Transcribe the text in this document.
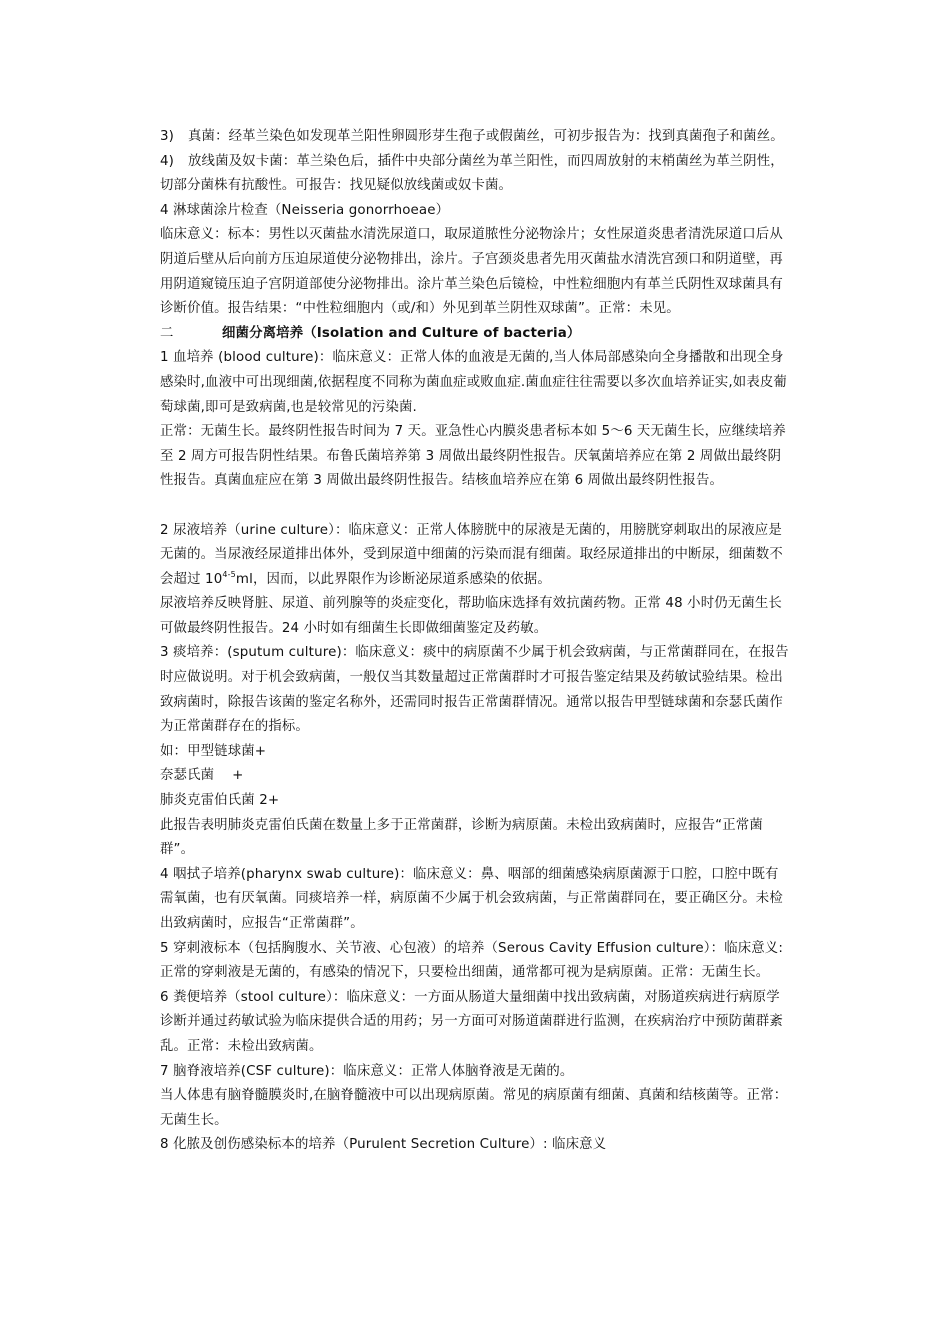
3) 真菌：经革兰染色如发现革兰阳性卵圆形芽生孢子或假菌丝，可初步报告为：找到真菌孢子和菌丝。

4) 放线菌及奴卡菌：革兰染色后，插件中央部分菌丝为革兰阳性，而四周放射的末梢菌丝为革兰阴性，切部分菌株有抗酸性。可报告：找见疑似放线菌或奴卡菌。

4 淋球菌涂片检查（Neisseria gonorrhoeae）

临床意义：标本：男性以灭菌盐水清洗尿道口，取尿道脓性分泌物涂片；女性尿道炎患者清洗尿道口后从阴道后壁从后向前方压迫尿道使分泌物排出，涂片。子宫颈炎患者先用灭菌盐水清洗宫颈口和阴道壁，再用阴道窥镜压迫子宫阴道部使分泌物排出。涂片革兰染色后镜检，中性粒细胞内有革兰氏阴性双球菌具有诊断价值。报告结果：“中性粒细胞内（或/和）外见到革兰阴性双球菌”。正常：未见。

二	细菌分离培养（Isolation and Culture of bacteria）

1 血培养 (blood culture)：临床意义：正常人体的血液是无菌的,当人体局部感染向全身播散和出现全身感染时,血液中可出现细菌,依据程度不同称为菌血症或败血症.菌血症往往需要以多次血培养证实,如表皮葡萄球菌,即可是致病菌,也是较常见的污染菌.

正常：无菌生长。最终阴性报告时间为 7 天。亚急性心内膜炎患者标本如 5～6 天无菌生长，应继续培养至 2 周方可报告阴性结果。布鲁氏菌培养第 3 周做出最终阴性报告。厌氧菌培养应在第 2 周做出最终阴性报告。真菌血症应在第 3 周做出最终阴性报告。结核血培养应在第 6 周做出最终阴性报告。

2 尿液培养（urine culture）：临床意义：正常人体膀胱中的尿液是无菌的，用膀胱穿刺取出的尿液应是无菌的。当尿液经尿道排出体外，受到尿道中细菌的污染而混有细菌。取经尿道排出的中断尿，细菌数不会超过 10$^{4-5}$ml，因而，以此界限作为诊断泌尿道系感染的依据。

尿液培养反映肾脏、尿道、前列腺等的炎症变化，帮助临床选择有效抗菌药物。正常 48 小时仍无菌生长可做最终阴性报告。24 小时如有细菌生长即做细菌鉴定及药敏。

3 痰培养：(sputum culture)：临床意义：痰中的病原菌不少属于机会致病菌，与正常菌群同在，在报告时应做说明。对于机会致病菌，一般仅当其数量超过正常菌群时才可报告鉴定结果及药敏试验结果。检出致病菌时，除报告该菌的鉴定名称外，还需同时报告正常菌群情况。通常以报告甲型链球菌和奈瑟氏菌作为正常菌群存在的指标。

如：甲型链球菌+

奈瑟氏菌　 +

肺炎克雷伯氏菌 2+

此报告表明肺炎克雷伯氏菌在数量上多于正常菌群，诊断为病原菌。未检出致病菌时，应报告“正常菌群”。

4 咽拭子培养(pharynx swab culture)：临床意义：鼻、咽部的细菌感染病原菌源于口腔，口腔中既有需氧菌，也有厌氧菌。同痰培养一样，病原菌不少属于机会致病菌，与正常菌群同在，要正确区分。未检出致病菌时，应报告“正常菌群”。

5 穿刺液标本（包括胸腹水、关节液、心包液）的培养（Serous Cavity Effusion culture）：临床意义:正常的穿刺液是无菌的，有感染的情况下，只要检出细菌，通常都可视为是病原菌。正常：无菌生长。

6 粪便培养（stool culture）：临床意义：一方面从肠道大量细菌中找出致病菌，对肠道疾病进行病原学诊断并通过药敏试验为临床提供合适的用药；另一方面可对肠道菌群进行监测，在疾病治疗中预防菌群紊乱。正常：未检出致病菌。

7 脑脊液培养(CSF culture)：临床意义：正常人体脑脊液是无菌的。

当人体患有脑脊髓膜炎时,在脑脊髓液中可以出现病原菌。常见的病原菌有细菌、真菌和结核菌等。正常：无菌生长。

8 化脓及创伤感染标本的培养（Purulent Secretion Culture）: 临床意义
